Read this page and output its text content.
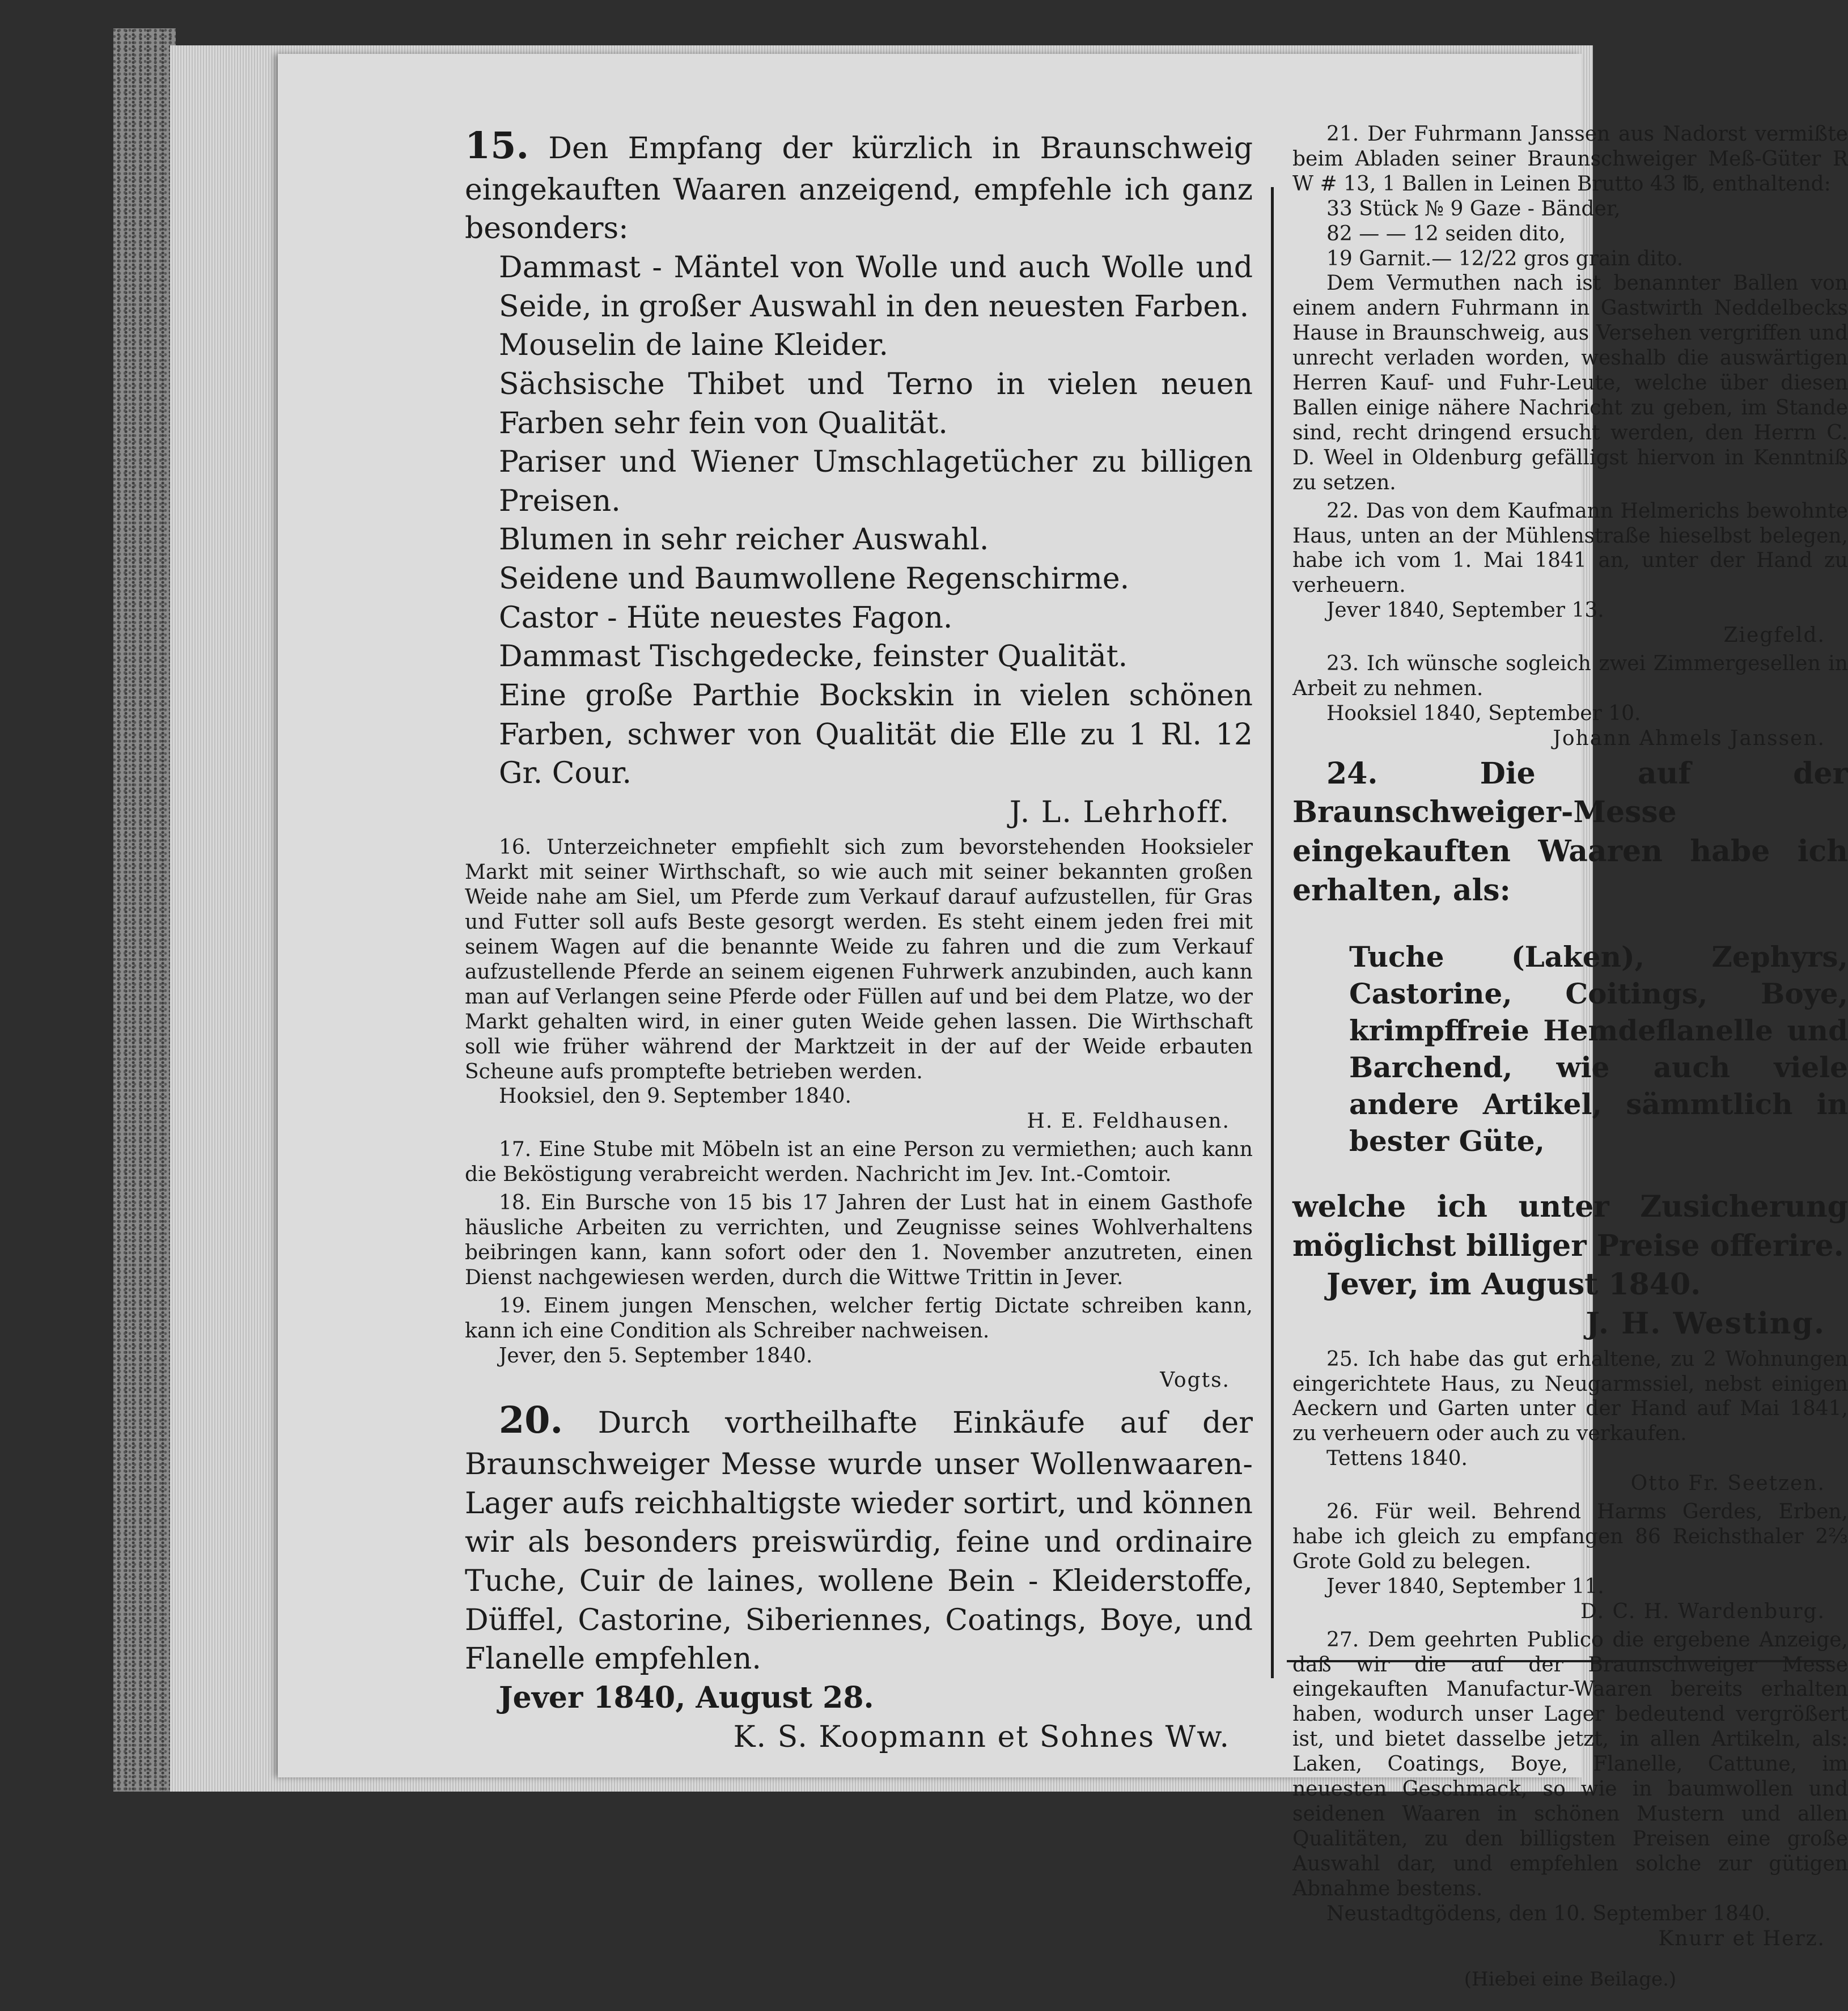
15. Den Empfang der kürzlich in Braunschweig eingekauften Waaren anzeigend, empfehle ich ganz besonders:

Dammast - Mäntel von Wolle und auch Wolle und Seide, in großer Auswahl in den neuesten Farben.

Mouselin de laine Kleider.

Sächsische Thibet und Terno in vielen neuen Farben sehr fein von Qualität.

Pariser und Wiener Umschlagetücher zu billigen Preisen.

Blumen in sehr reicher Auswahl.

Seidene und Baumwollene Regenschirme.

Castor - Hüte neuestes Fagon.

Dammast Tischgedecke, feinster Qualität.

Eine große Parthie Bockskin in vielen schönen Farben, schwer von Qualität die Elle zu 1 Rl. 12 Gr. Cour.

J. L. Lehrhoff.

16. Unterzeichneter empfiehlt sich zum bevorstehenden Hooksieler Markt mit seiner Wirthschaft, so wie auch mit seiner bekannten großen Weide nahe am Siel, um Pferde zum Verkauf darauf aufzustellen, für Gras und Futter soll aufs Beste gesorgt werden. Es steht einem jeden frei mit seinem Wagen auf die benannte Weide zu fahren und die zum Verkauf aufzustellende Pferde an seinem eigenen Fuhrwerk anzubinden, auch kann man auf Verlangen seine Pferde oder Füllen auf und bei dem Platze, wo der Markt gehalten wird, in einer guten Weide gehen lassen. Die Wirthschaft soll wie früher während der Marktzeit in der auf der Weide erbauten Scheune aufs promptefte betrieben werden.

Hooksiel, den 9. September 1840.

H. E. Feldhausen.

17. Eine Stube mit Möbeln ist an eine Person zu vermiethen; auch kann die Beköstigung verabreicht werden. Nachricht im Jev. Int.-Comtoir.

18. Ein Bursche von 15 bis 17 Jahren der Lust hat in einem Gasthofe häusliche Arbeiten zu verrichten, und Zeugnisse seines Wohlverhaltens beibringen kann, kann sofort oder den 1. November anzutreten, einen Dienst nachgewiesen werden, durch die Wittwe Trittin in Jever.

19. Einem jungen Menschen, welcher fertig Dictate schreiben kann, kann ich eine Condition als Schreiber nachweisen.

Jever, den 5. September 1840.

Vogts.

20. Durch vortheilhafte Einkäufe auf der Braunschweiger Messe wurde unser Wollenwaaren-Lager aufs reichhaltigste wieder sortirt, und können wir als besonders preiswürdig, feine und ordinaire Tuche, Cuir de laines, wollene Bein - Kleiderstoffe, Düffel, Castorine, Siberiennes, Coatings, Boye, und Flanelle empfehlen.

Jever 1840, August 28.

K. S. Koopmann et Sohnes Ww.

21. Der Fuhrmann Janssen aus Nadorst vermißte beim Abladen seiner Braunschweiger Meß-Güter R W # 13, 1 Ballen in Leinen Brutto 43 ℔, enthaltend:

33 Stück № 9 Gaze - Bänder,

82 — — 12 seiden dito,

19 Garnit.— 12/22 gros grain dito.

Dem Vermuthen nach ist benannter Ballen von einem andern Fuhrmann in Gastwirth Neddelbecks Hause in Braunschweig, aus Versehen vergriffen und unrecht verladen worden, weshalb die auswärtigen Herren Kauf- und Fuhr-Leute, welche über diesen Ballen einige nähere Nachricht zu geben, im Stande sind, recht dringend ersucht werden, den Herrn C. D. Weel in Oldenburg gefälligst hiervon in Kenntniß zu setzen.

22. Das von dem Kaufmann Helmerichs bewohnte Haus, unten an der Mühlenstraße hieselbst belegen, habe ich vom 1. Mai 1841 an, unter der Hand zu verheuern.

Jever 1840, September 13.

Ziegfeld.

23. Ich wünsche sogleich zwei Zimmergesellen in Arbeit zu nehmen.

Hooksiel 1840, September 10.

Johann Ahmels Janssen.

24. Die auf der Braunschweiger-Messe eingekauften Waaren habe ich erhalten, als:

Tuche (Laken), Zephyrs, Castorine, Coitings, Boye, krimpffreie Hemdeflanelle und Barchend, wie auch viele andere Artikel, sämmtlich in bester Güte,

welche ich unter Zusicherung möglichst billiger Preise offerire.

Jever, im August 1840.

J. H. Westing.

25. Ich habe das gut erhaltene, zu 2 Wohnungen eingerichtete Haus, zu Neugarmssiel, nebst einigen Aeckern und Garten unter der Hand auf Mai 1841, zu verheuern oder auch zu verkaufen.

Tettens 1840.

Otto Fr. Seetzen.

26. Für weil. Behrend Harms Gerdes, Erben, habe ich gleich zu empfangen 86 Reichsthaler 2⅔ Grote Gold zu belegen.

Jever 1840, September 11.

D. C. H. Wardenburg.

27. Dem geehrten Publico die ergebene Anzeige, daß wir die auf der Braunschweiger Messe eingekauften Manufactur-Waaren bereits erhalten haben, wodurch unser Lager bedeutend vergrößert ist, und bietet dasselbe jetzt, in allen Artikeln, als: Laken, Coatings, Boye, Flanelle, Cattune, im neuesten Geschmack, so wie in baumwollen und seidenen Waaren in schönen Mustern und allen Qualitäten, zu den billigsten Preisen eine große Auswahl dar, und empfehlen solche zur gütigen Abnahme bestens.

Neustadtgödens, den 10. September 1840.

Knurr et Herz.

(Hiebei eine Beilage.)
